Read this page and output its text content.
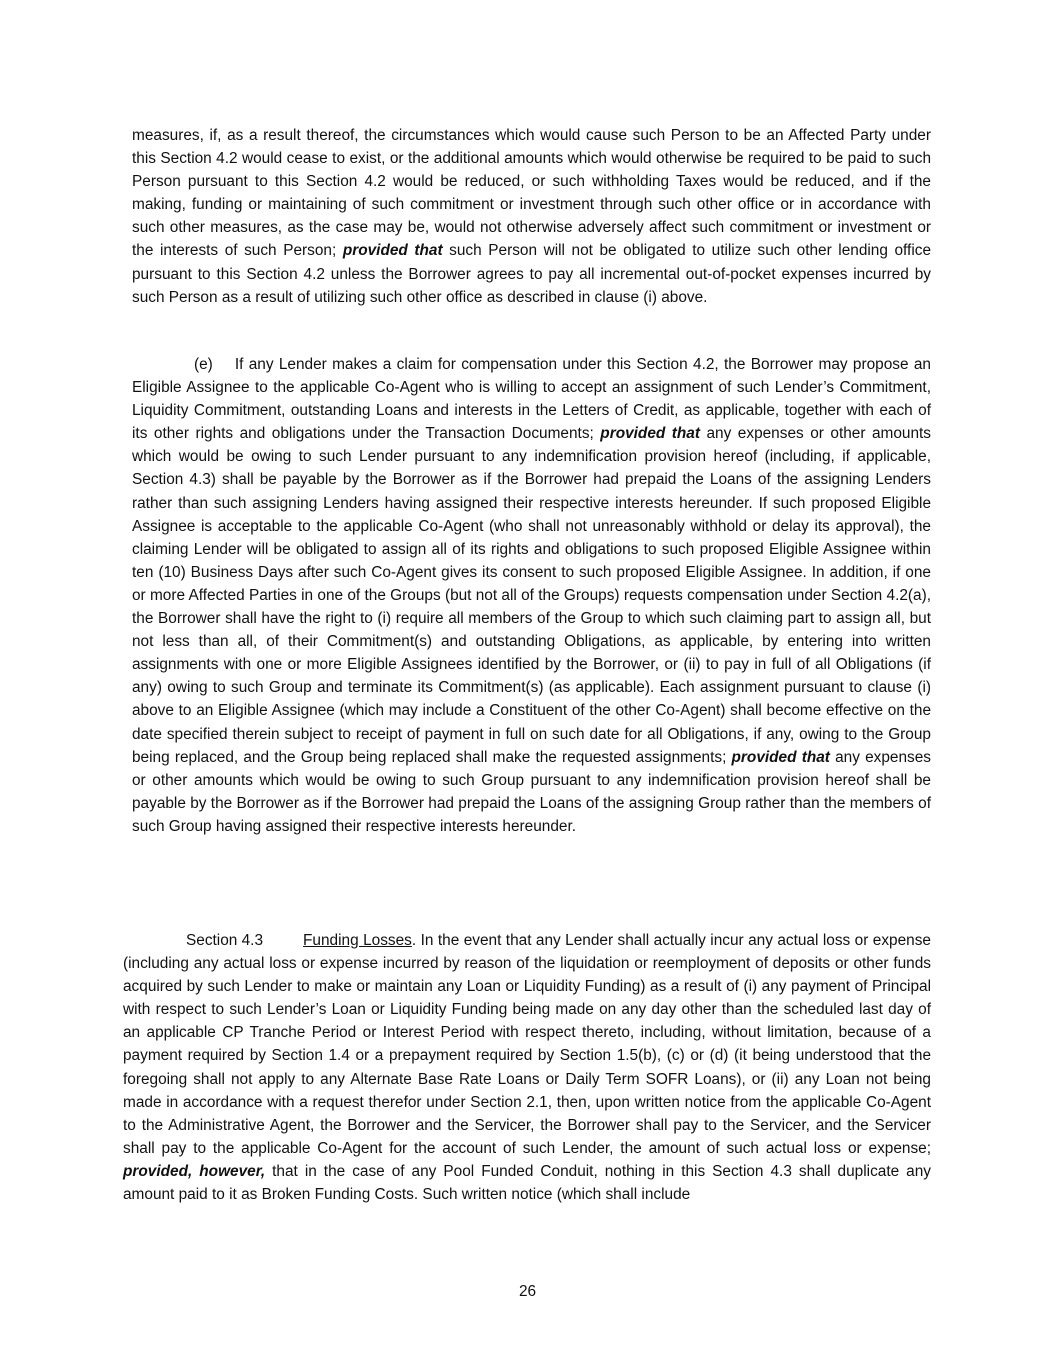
measures, if, as a result thereof, the circumstances which would cause such Person to be an Affected Party under this Section 4.2 would cease to exist, or the additional amounts which would otherwise be required to be paid to such Person pursuant to this Section 4.2 would be reduced, or such withholding Taxes would be reduced, and if the making, funding or maintaining of such commitment or investment through such other office or in accordance with such other measures, as the case may be, would not otherwise adversely affect such commitment or investment or the interests of such Person; provided that such Person will not be obligated to utilize such other lending office pursuant to this Section 4.2 unless the Borrower agrees to pay all incremental out-of-pocket expenses incurred by such Person as a result of utilizing such other office as described in clause (i) above.

(e) If any Lender makes a claim for compensation under this Section 4.2, the Borrower may propose an Eligible Assignee to the applicable Co-Agent who is willing to accept an assignment of such Lender’s Commitment, Liquidity Commitment, outstanding Loans and interests in the Letters of Credit, as applicable, together with each of its other rights and obligations under the Transaction Documents; provided that any expenses or other amounts which would be owing to such Lender pursuant to any indemnification provision hereof (including, if applicable, Section 4.3) shall be payable by the Borrower as if the Borrower had prepaid the Loans of the assigning Lenders rather than such assigning Lenders having assigned their respective interests hereunder. If such proposed Eligible Assignee is acceptable to the applicable Co-Agent (who shall not unreasonably withhold or delay its approval), the claiming Lender will be obligated to assign all of its rights and obligations to such proposed Eligible Assignee within ten (10) Business Days after such Co-Agent gives its consent to such proposed Eligible Assignee. In addition, if one or more Affected Parties in one of the Groups (but not all of the Groups) requests compensation under Section 4.2(a), the Borrower shall have the right to (i) require all members of the Group to which such claiming part to assign all, but not less than all, of their Commitment(s) and outstanding Obligations, as applicable, by entering into written assignments with one or more Eligible Assignees identified by the Borrower, or (ii) to pay in full of all Obligations (if any) owing to such Group and terminate its Commitment(s) (as applicable). Each assignment pursuant to clause (i) above to an Eligible Assignee (which may include a Constituent of the other Co-Agent) shall become effective on the date specified therein subject to receipt of payment in full on such date for all Obligations, if any, owing to the Group being replaced, and the Group being replaced shall make the requested assignments; provided that any expenses or other amounts which would be owing to such Group pursuant to any indemnification provision hereof shall be payable by the Borrower as if the Borrower had prepaid the Loans of the assigning Group rather than the members of such Group having assigned their respective interests hereunder.

Section 4.3	Funding Losses. In the event that any Lender shall actually incur any actual loss or expense (including any actual loss or expense incurred by reason of the liquidation or reemployment of deposits or other funds acquired by such Lender to make or maintain any Loan or Liquidity Funding) as a result of (i) any payment of Principal with respect to such Lender’s Loan or Liquidity Funding being made on any day other than the scheduled last day of an applicable CP Tranche Period or Interest Period with respect thereto, including, without limitation, because of a payment required by Section 1.4 or a prepayment required by Section 1.5(b), (c) or (d) (it being understood that the foregoing shall not apply to any Alternate Base Rate Loans or Daily Term SOFR Loans), or (ii) any Loan not being made in accordance with a request therefor under Section 2.1, then, upon written notice from the applicable Co-Agent to the Administrative Agent, the Borrower and the Servicer, the Borrower shall pay to the Servicer, and the Servicer shall pay to the applicable Co-Agent for the account of such Lender, the amount of such actual loss or expense; provided, however, that in the case of any Pool Funded Conduit, nothing in this Section 4.3 shall duplicate any amount paid to it as Broken Funding Costs. Such written notice (which shall include

26
